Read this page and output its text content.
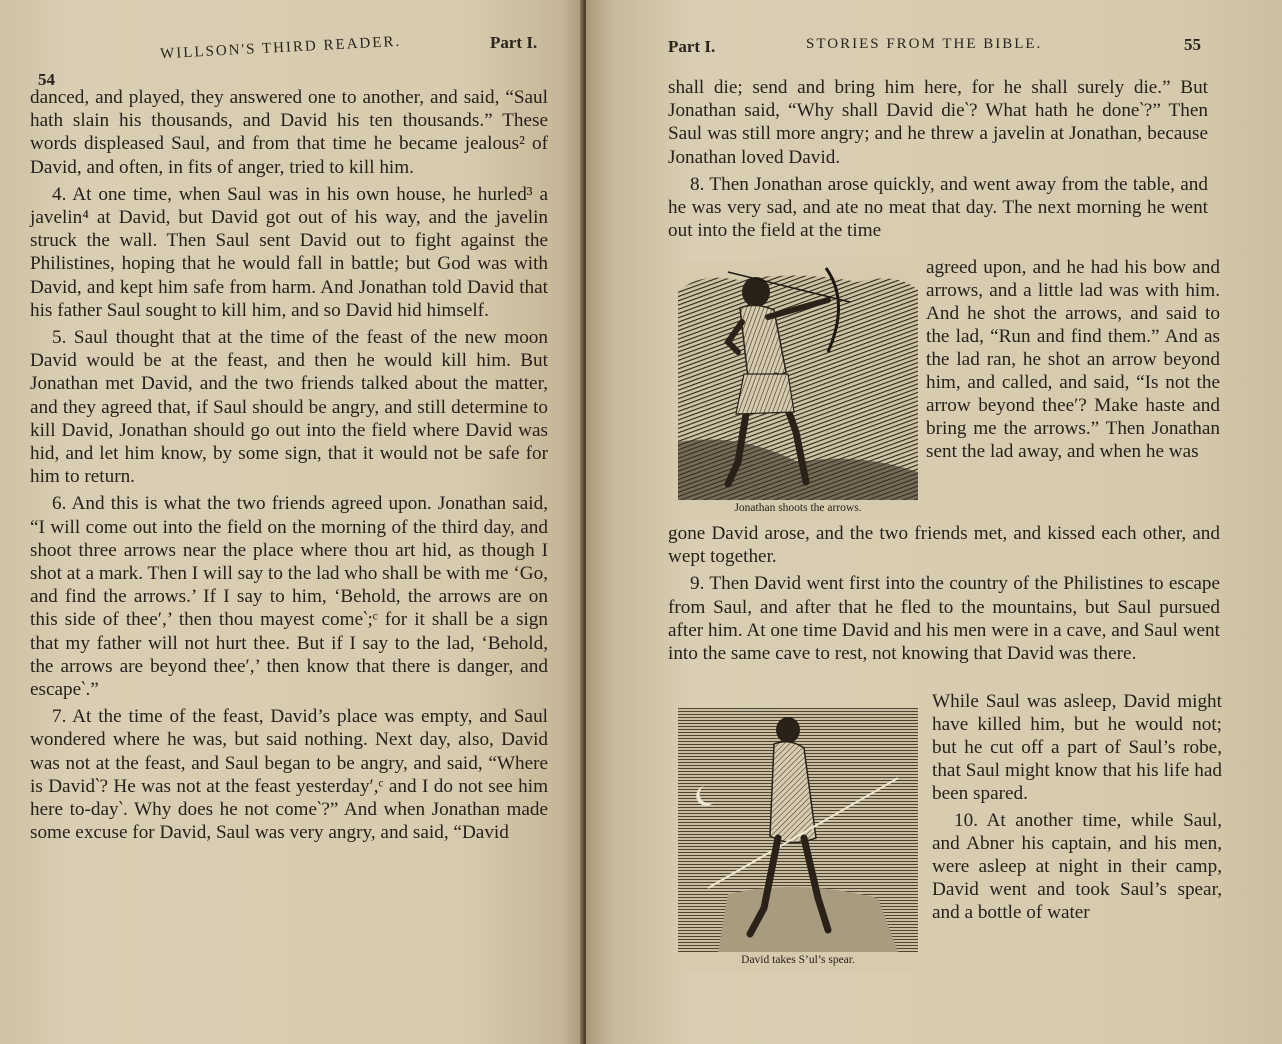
WILLSON'S THIRD READER.	Part I.
54

danced, and played, they answered one to another, and said, “Saul hath slain his thousands, and David his ten thousands.” These words displeased Saul, and from that time he became jealous² of David, and often, in fits of anger, tried to kill him.

4. At one time, when Saul was in his own house, he hurled³ a javelin⁴ at David, but David got out of his way, and the javelin struck the wall. Then Saul sent David out to fight against the Philistines, hoping that he would fall in battle; but God was with David, and kept him safe from harm. And Jonathan told David that his father Saul sought to kill him, and so David hid himself.

5. Saul thought that at the time of the feast of the new moon David would be at the feast, and then he would kill him. But Jonathan met David, and the two friends talked about the matter, and they agreed that, if Saul should be angry, and still determine to kill David, Jonathan should go out into the field where David was hid, and let him know, by some sign, that it would not be safe for him to return.

6. And this is what the two friends agreed upon. Jonathan said, “I will come out into the field on the morning of the third day, and shoot three arrows near the place where thou art hid, as though I shot at a mark. Then I will say to the lad who shall be with me ‘Go, and find the arrows.’ If I say to him, ‘Behold, the arrows are on this side of thee′,’ then thou mayest come‵;ᶜ for it shall be a sign that my father will not hurt thee. But if I say to the lad, ‘Behold, the arrows are beyond thee′,’ then know that there is danger, and escape‵.”

7. At the time of the feast, David’s place was empty, and Saul wondered where he was, but said nothing. Next day, also, David was not at the feast, and Saul began to be angry, and said, “Where is David‵? He was not at the feast yesterday′,ᶜ and I do not see him here to-day‵. Why does he not come‵?” And when Jonathan made some excuse for David, Saul was very angry, and said, “David

Part I.	STORIES FROM THE BIBLE.	55

shall die; send and bring him here, for he shall surely die.” But Jonathan said, “Why shall David die‵? What hath he done‵?” Then Saul was still more angry; and he threw a javelin at Jonathan, because Jonathan loved David.

8. Then Jonathan arose quickly, and went away from the table, and he was very sad, and ate no meat that day. The next morning he went out into the field at the time

Jonathan shoots the arrows.

agreed upon, and he had his bow and arrows, and a little lad was with him. And he shot the arrows, and said to the lad, “Run and find them.” And as the lad ran, he shot an arrow beyond him, and called, and said, “Is not the arrow beyond thee′? Make haste and bring me the arrows.” Then Jonathan sent the lad away, and when he was

gone David arose, and the two friends met, and kissed each other, and wept together.

9. Then David went first into the country of the Philistines to escape from Saul, and after that he fled to the mountains, but Saul pursued after him. At one time David and his men were in a cave, and Saul went into the same cave to rest, not knowing that David was there.

David takes S’ul’s spear.

While Saul was asleep, David might have killed him, but he would not; but he cut off a part of Saul’s robe, that Saul might know that his life had been spared.

10. At another time, while Saul, and Abner his captain, and his men, were asleep at night in their camp, David went and took Saul’s spear, and a bottle of water
